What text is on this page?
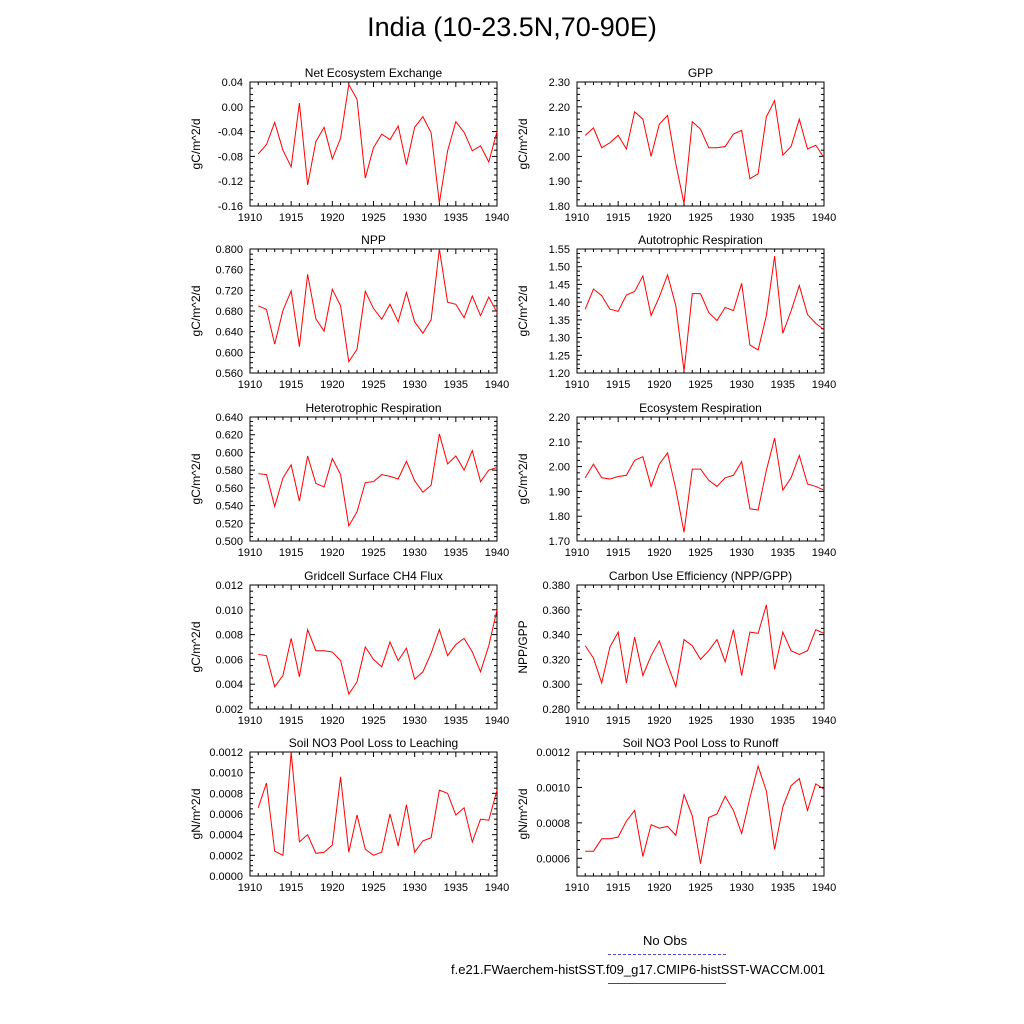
India (10-23.5N,70-90E)
Net Ecosystem Exchange
gC/m^2/d
1910 1915 1920 1925 1930 1935 1940
-0.16
-0.12
-0.08
-0.04
0.00
0.04
GPP
gC/m^2/d
1910 1915 1920 1925 1930 1935 1940
1.80
1.90
2.00
2.10
2.20
2.30
NPP
gC/m^2/d
1910 1915 1920 1925 1930 1935 1940
0.560
0.600
0.640
0.680
0.720
0.760
0.800
Autotrophic Respiration
gC/m^2/d
1910 1915 1920 1925 1930 1935 1940
1.20
1.25
1.30
1.35
1.40
1.45
1.50
1.55
Heterotrophic Respiration
gC/m^2/d
1910 1915 1920 1925 1930 1935 1940
0.500
0.520
0.540
0.560
0.580
0.600
0.620
0.640
Ecosystem Respiration
gC/m^2/d
1910 1915 1920 1925 1930 1935 1940
1.70
1.80
1.90
2.00
2.10
2.20
Gridcell Surface CH4 Flux
gC/m^2/d
1910 1915 1920 1925 1930 1935 1940
0.002
0.004
0.006
0.008
0.010
0.012
Carbon Use Efficiency (NPP/GPP)
NPP/GPP
1910 1915 1920 1925 1930 1935 1940
0.280
0.300
0.320
0.340
0.360
0.380
Soil NO3 Pool Loss to Leaching
gN/m^2/d
1910 1915 1920 1925 1930 1935 1940
0.0000
0.0002
0.0004
0.0006
0.0008
0.0010
0.0012
Soil NO3 Pool Loss to Runoff
gN/m^2/d
1910 1915 1920 1925 1930 1935 1940
0.0006
0.0008
0.0010
0.0012
No Obs
f.e21.FWaerchem-histSST.f09_g17.CMIP6-histSST-WACCM.001
